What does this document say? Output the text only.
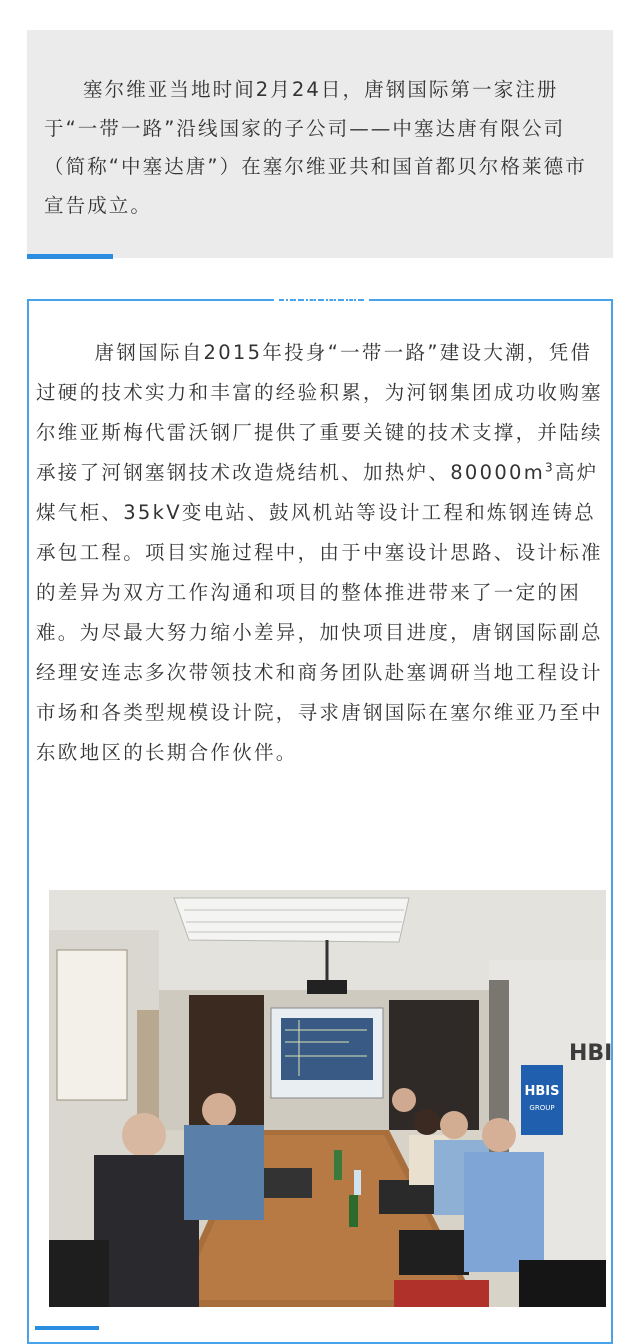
塞尔维亚当地时间2月24日，唐钢国际第一家注册于“一带一路”沿线国家的子公司——中塞达唐有限公司（简称“中塞达唐”）在塞尔维亚共和国首都贝尔格莱德市宣告成立。

唐钢国际自2015年投身“一带一路”建设大潮，凭借过硬的技术实力和丰富的经验积累，为河钢集团成功收购塞尔维亚斯梅代雷沃钢厂提供了重要关键的技术支撑，并陆续承接了河钢塞钢技术改造烧结机、加热炉、$80000m^3$高炉煤气柜、35kV变电站、鼓风机站等设计工程和炼钢连铸总承包工程。项目实施过程中，由于中塞设计思路、设计标准的差异为双方工作沟通和项目的整体推进带来了一定的困难。为尽最大努力缩小差异，加快项目进度，唐钢国际副总经理安连志多次带领技术和商务团队赴塞调研当地工程设计市场和各类型规模设计院，寻求唐钢国际在塞尔维亚乃至中东欧地区的长期合作伙伴。

HBIS
GROUP
HBI
